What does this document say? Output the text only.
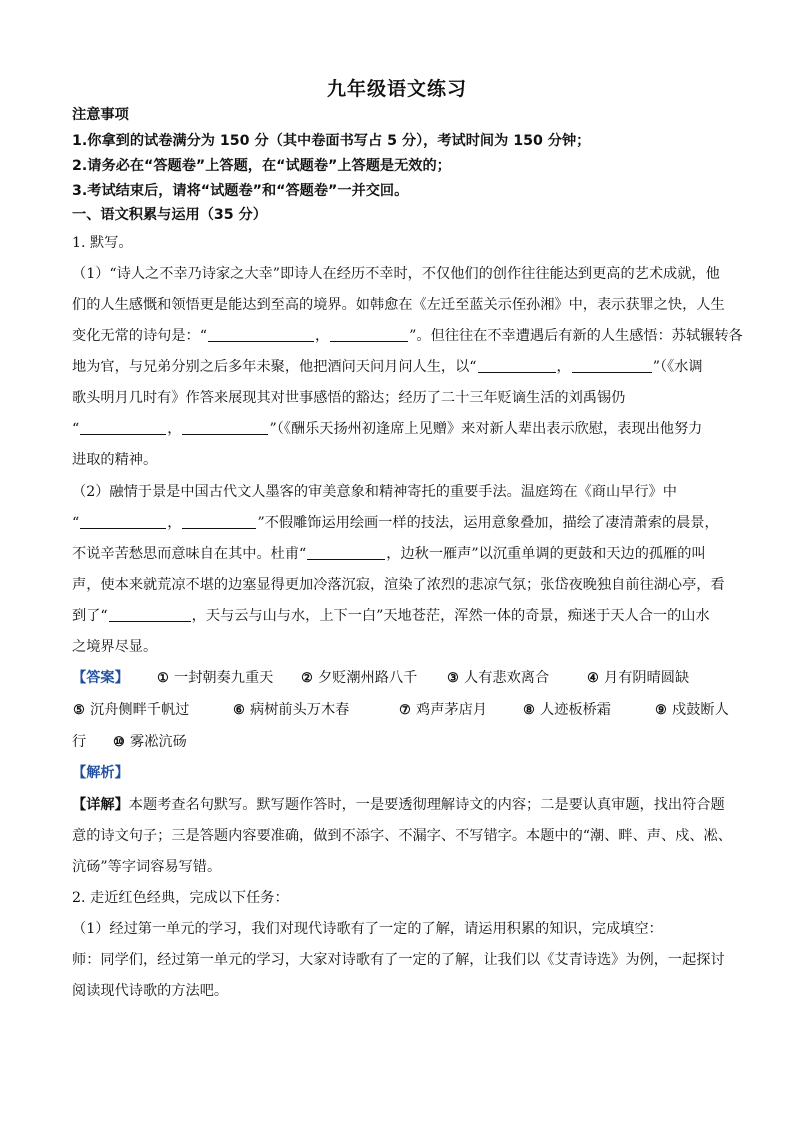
九年级语文练习
注意事项
1.你拿到的试卷满分为 150 分（其中卷面书写占 5 分），考试时间为 150 分钟；
2.请务必在“答题卷”上答题，在“试题卷”上答题是无效的；
3.考试结束后，请将“试题卷”和“答题卷”一并交回。
一、语文积累与运用（35 分）
1. 默写。
（1）“诗人之不幸乃诗家之大幸”即诗人在经历不幸时，不仅他们的创作往往能达到更高的艺术成就，他
们的人生感慨和领悟更是能达到至高的境界。如韩愈在《左迁至蓝关示侄孙湘》中，表示获罪之快，人生
变化无常的诗句是：“	，	”。但往往在不幸遭遇后有新的人生感悟：苏轼辗转各
地为官，与兄弟分别之后多年未聚，他把酒问天问月问人生，以“	，	”（《水调
歌头明月几时有》作答来展现其对世事感悟的豁达；经历了二十三年贬谪生活的刘禹锡仍
“	，	”（《酬乐天扬州初逢席上见赠》来对新人辈出表示欣慰，表现出他努力
进取的精神。
（2）融情于景是中国古代文人墨客的审美意象和精神寄托的重要手法。温庭筠在《商山早行》中
“	，	”不假雕饰运用绘画一样的技法，运用意象叠加，描绘了凄清萧索的晨景，
不说辛苦愁思而意味自在其中。杜甫“	，边秋一雁声”以沉重单调的更鼓和天边的孤雁的叫
声，使本来就荒凉不堪的边塞显得更加冷落沉寂，渲染了浓烈的悲凉气氛；张岱夜晚独自前往湖心亭，看
到了“	，天与云与山与水，上下一白”天地苍茫，浑然一体的奇景，痴迷于天人合一的山水
之境界尽显。
【答案】 ① 一封朝奏九重天 ② 夕贬潮州路八千 ③ 人有悲欢离合	④ 月有阴晴圆缺
⑤ 沉舟侧畔千帆过	⑥ 病树前头万木春	⑦ 鸡声茅店月	⑧ 人迹板桥霜	⑨ 戍鼓断人
行 ⑩ 雾凇沆砀
【解析】
【详解】本题考查名句默写。默写题作答时，一是要透彻理解诗文的内容；二是要认真审题，找出符合题
意的诗文句子；三是答题内容要准确，做到不添字、不漏字、不写错字。本题中的“潮、畔、声、戍、凇、
沆砀”等字词容易写错。
2. 走近红色经典，完成以下任务：
（1）经过第一单元的学习，我们对现代诗歌有了一定的了解，请运用积累的知识，完成填空：
师：同学们，经过第一单元的学习，大家对诗歌有了一定的了解，让我们以《艾青诗选》为例，一起探讨
阅读现代诗歌的方法吧。
